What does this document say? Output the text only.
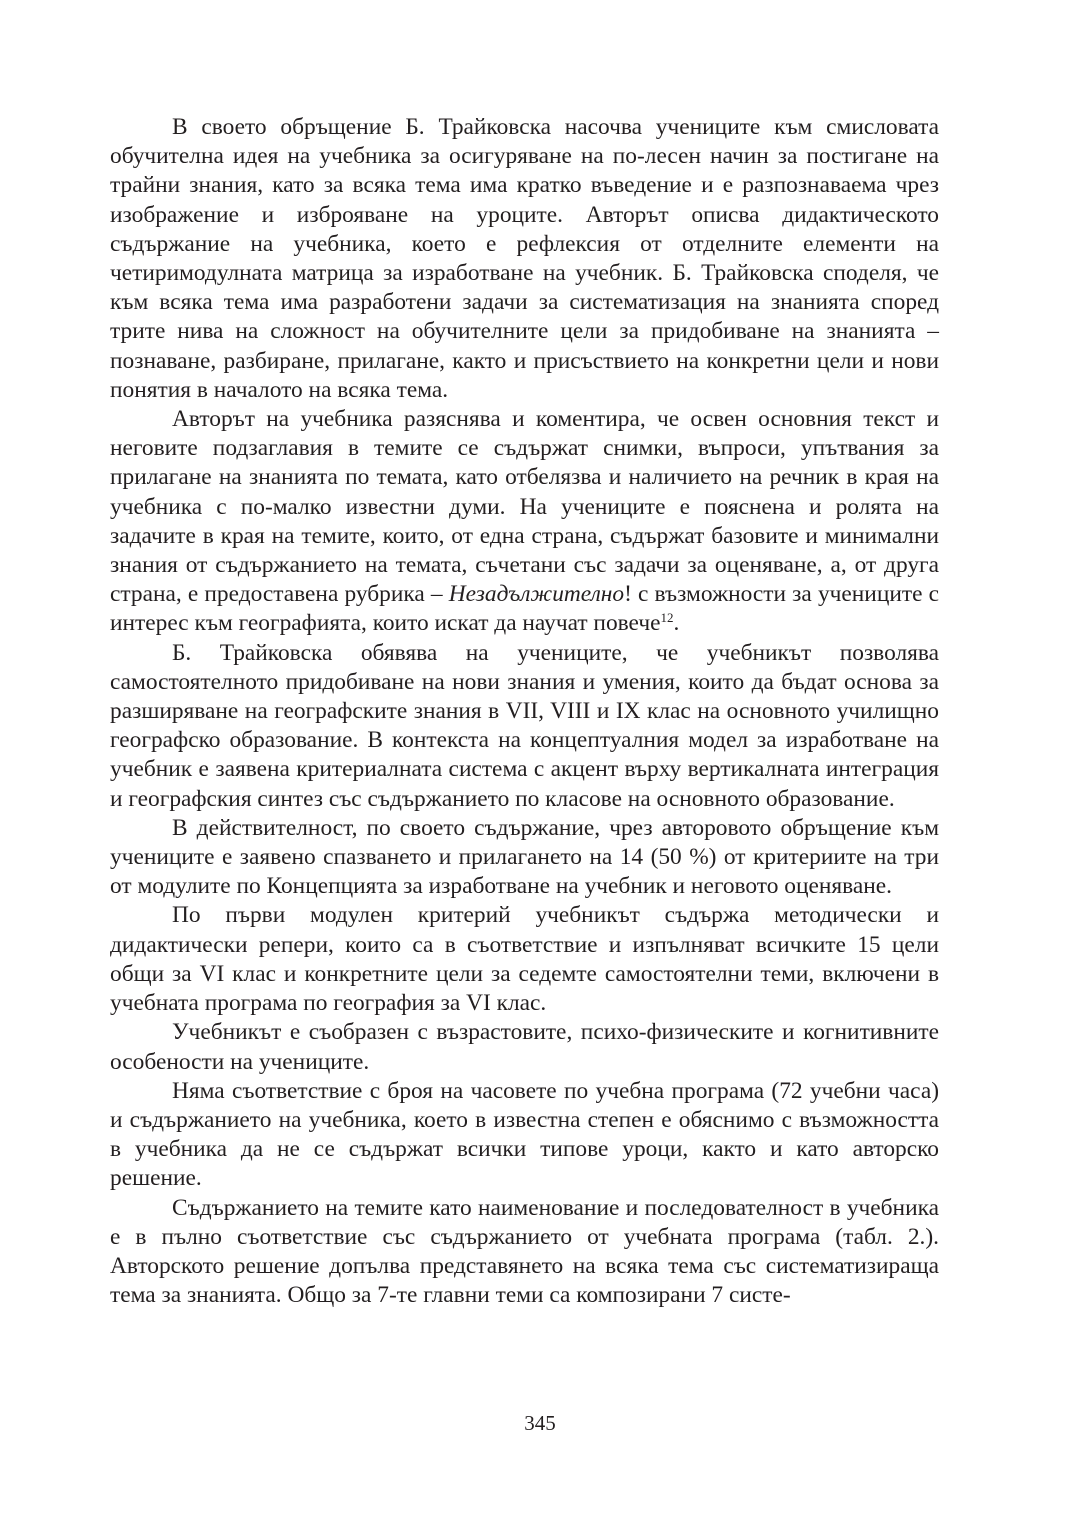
В своето обръщение Б. Трайковска насочва учениците към смисловата обучителна идея на учебника за осигуряване на по-лесен начин за постигане на трайни знания, като за всяка тема има кратко въведение и е разпознаваема чрез изображение и изброяване на уроците. Авторът описва дидактическото съдържание на учебника, което е рефлексия от отделните елементи на четиримодулната матрица за изработване на учебник. Б. Трайковска споделя, че към всяка тема има разработени задачи за систематизация на знанията според трите нива на сложност на обучителните цели за придобиване на знанията – познаване, разбиране, прилагане, както и присъствието на конкретни цели и нови понятия в началото на всяка тема.

Авторът на учебника разяснява и коментира, че освен основния текст и неговите подзаглавия в темите се съдържат снимки, въпроси, упътвания за прилагане на знанията по темата, като отбелязва и наличието на речник в края на учебника с по-малко известни думи. На учениците е пояснена и ролята на задачите в края на темите, които, от една страна, съдържат базовите и минимални знания от съдържанието на темата, съчетани със задачи за оценяване, а, от друга страна, е предоставена рубрика – Незадължително! с възможности за учениците с интерес към географията, които искат да научат повече$^{12}$.

Б. Трайковска обявява на учениците, че учебникът позволява самостоятелното придобиване на нови знания и умения, които да бъдат основа за разширяване на географските знания в VII, VIII и IX клас на основното училищно географско образование. В контекста на концептуалния модел за изработване на учебник е заявена критериалната система с акцент върху вертикалната интеграция и географския синтез със съдържанието по класове на основното образование.

В действителност, по своето съдържание, чрез авторовото обръщение към учениците е заявено спазването и прилагането на 14 (50 %) от критериите на три от модулите по Концепцията за изработване на учебник и неговото оценяване.

По първи модулен критерий учебникът съдържа методически и дидактически репери, които са в съответствие и изпълняват всичките 15 цели общи за VI клас и конкретните цели за седемте самостоятелни теми, включени в учебната програма по география за VI клас.

Учебникът е съобразен с възрастовите, психо-физическите и когнитивните особености на учениците.

Няма съответствие с броя на часовете по учебна програма (72 учебни часа) и съдържанието на учебника, което в известна степен е обяснимо с възможността в учебника да не се съдържат всички типове уроци, както и като авторско решение.

Съдържанието на темите като наименование и последователност в учебника е в пълно съответствие със съдържанието от учебната програма (табл. 2.). Авторското решение допълва представянето на всяка тема със систематизираща тема за знанията. Общо за 7-те главни теми са композирани 7 систе-

345
